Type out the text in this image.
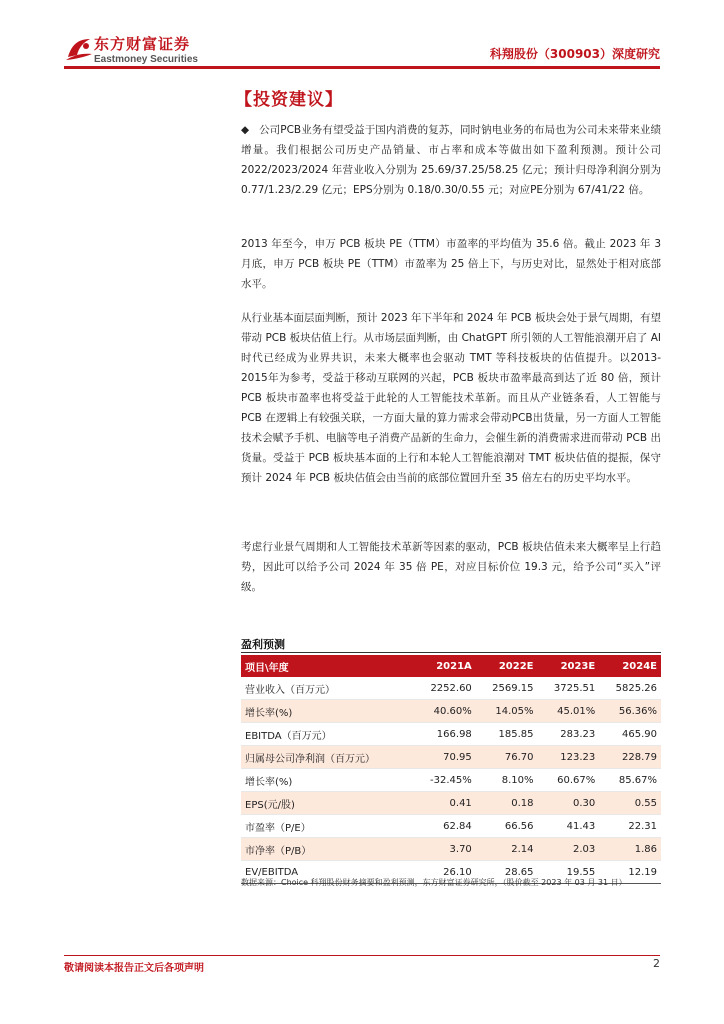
东方财富证券
Eastmoney Securities	科翔股份（300903）深度研究
【投资建议】
◆ 公司PCB业务有望受益于国内消费的复苏，同时钠电业务的布局也为公司未来带来业绩增量。我们根据公司历史产品销量、市占率和成本等做出如下盈利预测。预计公司 2022/2023/2024 年营业收入分别为 25.69/37.25/58.25 亿元；预计归母净利润分别为 0.77/1.23/2.29 亿元；EPS分别为 0.18/0.30/0.55 元；对应PE分别为 67/41/22 倍。
2013 年至今，申万 PCB 板块 PE（TTM）市盈率的平均值为 35.6 倍。截止 2023 年 3 月底，申万 PCB 板块 PE（TTM）市盈率为 25 倍上下，与历史对比，显然处于相对底部水平。
从行业基本面层面判断，预计 2023 年下半年和 2024 年 PCB 板块会处于景气周期，有望带动 PCB 板块估值上行。从市场层面判断，由 ChatGPT 所引领的人工智能浪潮开启了 AI 时代已经成为业界共识，未来大概率也会驱动 TMT 等科技板块的估值提升。以2013-2015年为参考，受益于移动互联网的兴起，PCB 板块市盈率最高到达了近 80 倍，预计 PCB 板块市盈率也将受益于此轮的人工智能技术革新。而且从产业链条看，人工智能与 PCB 在逻辑上有较强关联，一方面大量的算力需求会带动PCB出货量，另一方面人工智能技术会赋予手机、电脑等电子消费产品新的生命力，会催生新的消费需求进而带动 PCB 出货量。受益于 PCB 板块基本面的上行和本轮人工智能浪潮对 TMT 板块估值的提振，保守预计 2024 年 PCB 板块估值会由当前的底部位置回升至 35 倍左右的历史平均水平。
考虑行业景气周期和人工智能技术革新等因素的驱动，PCB 板块估值未来大概率呈上行趋势，因此可以给予公司 2024 年 35 倍 PE，对应目标价位 19.3 元，给予公司“买入”评级。
盈利预测
项目\年度	2021A	2022E	2023E	2024E
营业收入（百万元）	2252.60	2569.15	3725.51	5825.26
增长率(%)	40.60%	14.05%	45.01%	56.36%
EBITDA（百万元）	166.98	185.85	283.23	465.90
归属母公司净利润（百万元）	70.95	76.70	123.23	228.79
增长率(%)	-32.45%	8.10%	60.67%	85.67%
EPS(元/股)	0.41	0.18	0.30	0.55
市盈率（P/E）	62.84	66.56	41.43	22.31
市净率（P/B）	3.70	2.14	2.03	1.86
EV/EBITDA	26.10	28.65	19.55	12.19
数据来源：Choice 科翔股份财务摘要和盈利预测，东方财富证券研究所，（股价截至 2023 年 03 月 31 日）
敬请阅读本报告正文后各项声明	2
